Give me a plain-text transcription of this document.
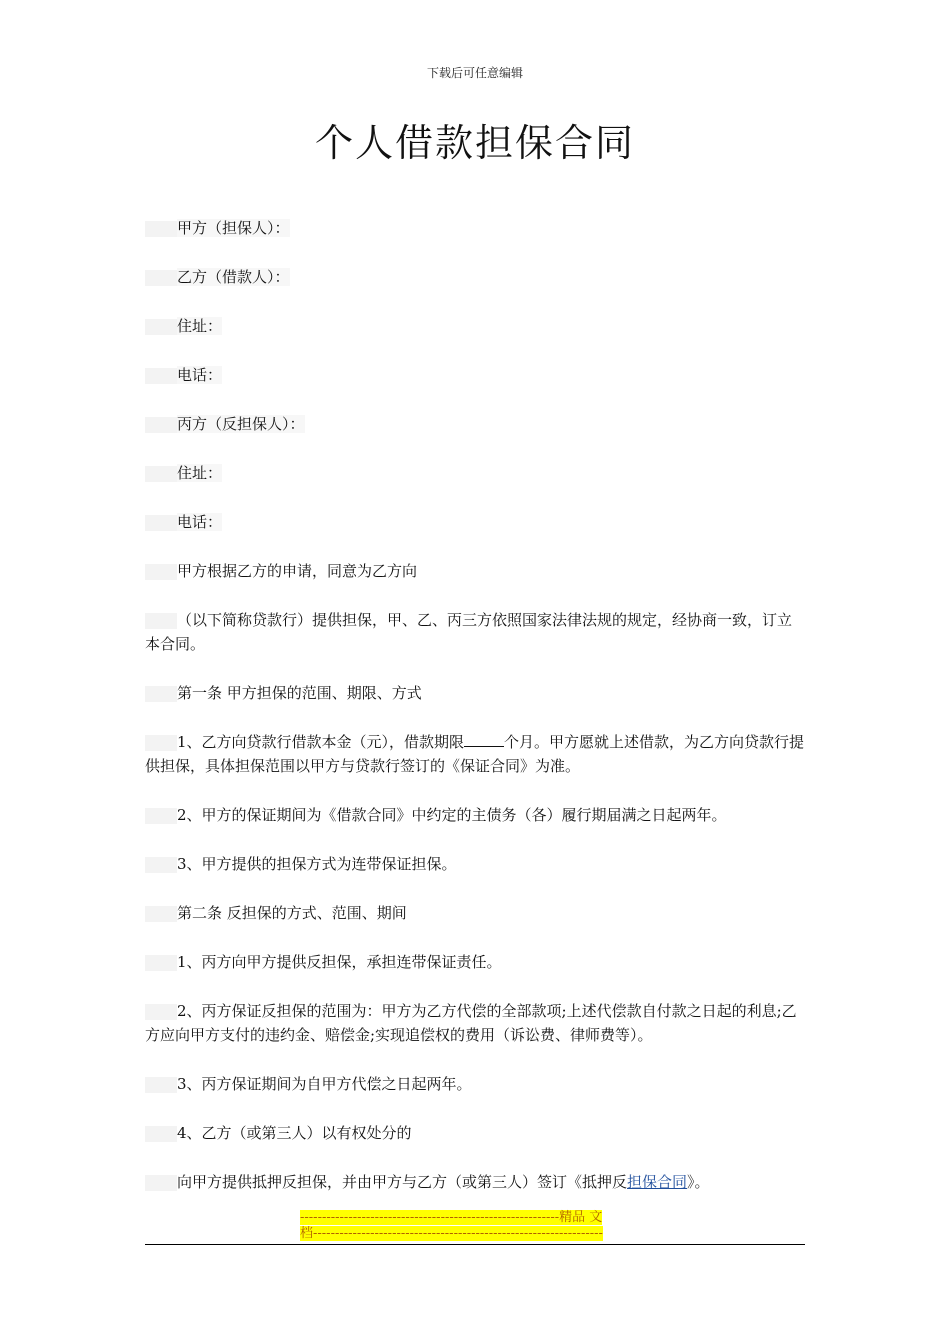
下载后可任意编辑
个人借款担保合同

甲方（担保人）：

乙方（借款人）：

住址：

电话：

丙方（反担保人）：

住址：

电话：

甲方根据乙方的申请，同意为乙方向

（以下简称贷款行）提供担保，甲、乙、丙三方依照国家法律法规的规定，经协商一致，订立本合同。

第一条 甲方担保的范围、期限、方式

1、乙方向贷款行借款本金（元），借款期限	个月。甲方愿就上述借款，为乙方向贷款行提供担保，具体担保范围以甲方与贷款行签订的《保证合同》为准。

2、甲方的保证期间为《借款合同》中约定的主债务（各）履行期届满之日起两年。

3、甲方提供的担保方式为连带保证担保。

第二条 反担保的方式、范围、期间

1、丙方向甲方提供反担保，承担连带保证责任。

2、丙方保证反担保的范围为：甲方为乙方代偿的全部款项;上述代偿款自付款之日起的利息;乙方应向甲方支付的违约金、赔偿金;实现追偿权的费用（诉讼费、律师费等）。

3、丙方保证期间为自甲方代偿之日起两年。

4、乙方（或第三人）以有权处分的

向甲方提供抵押反担保，并由甲方与乙方（或第三人）签订《抵押反担保合同》。

-----------------------------------------------------------精品 文
档------------------------------------------------------------------
